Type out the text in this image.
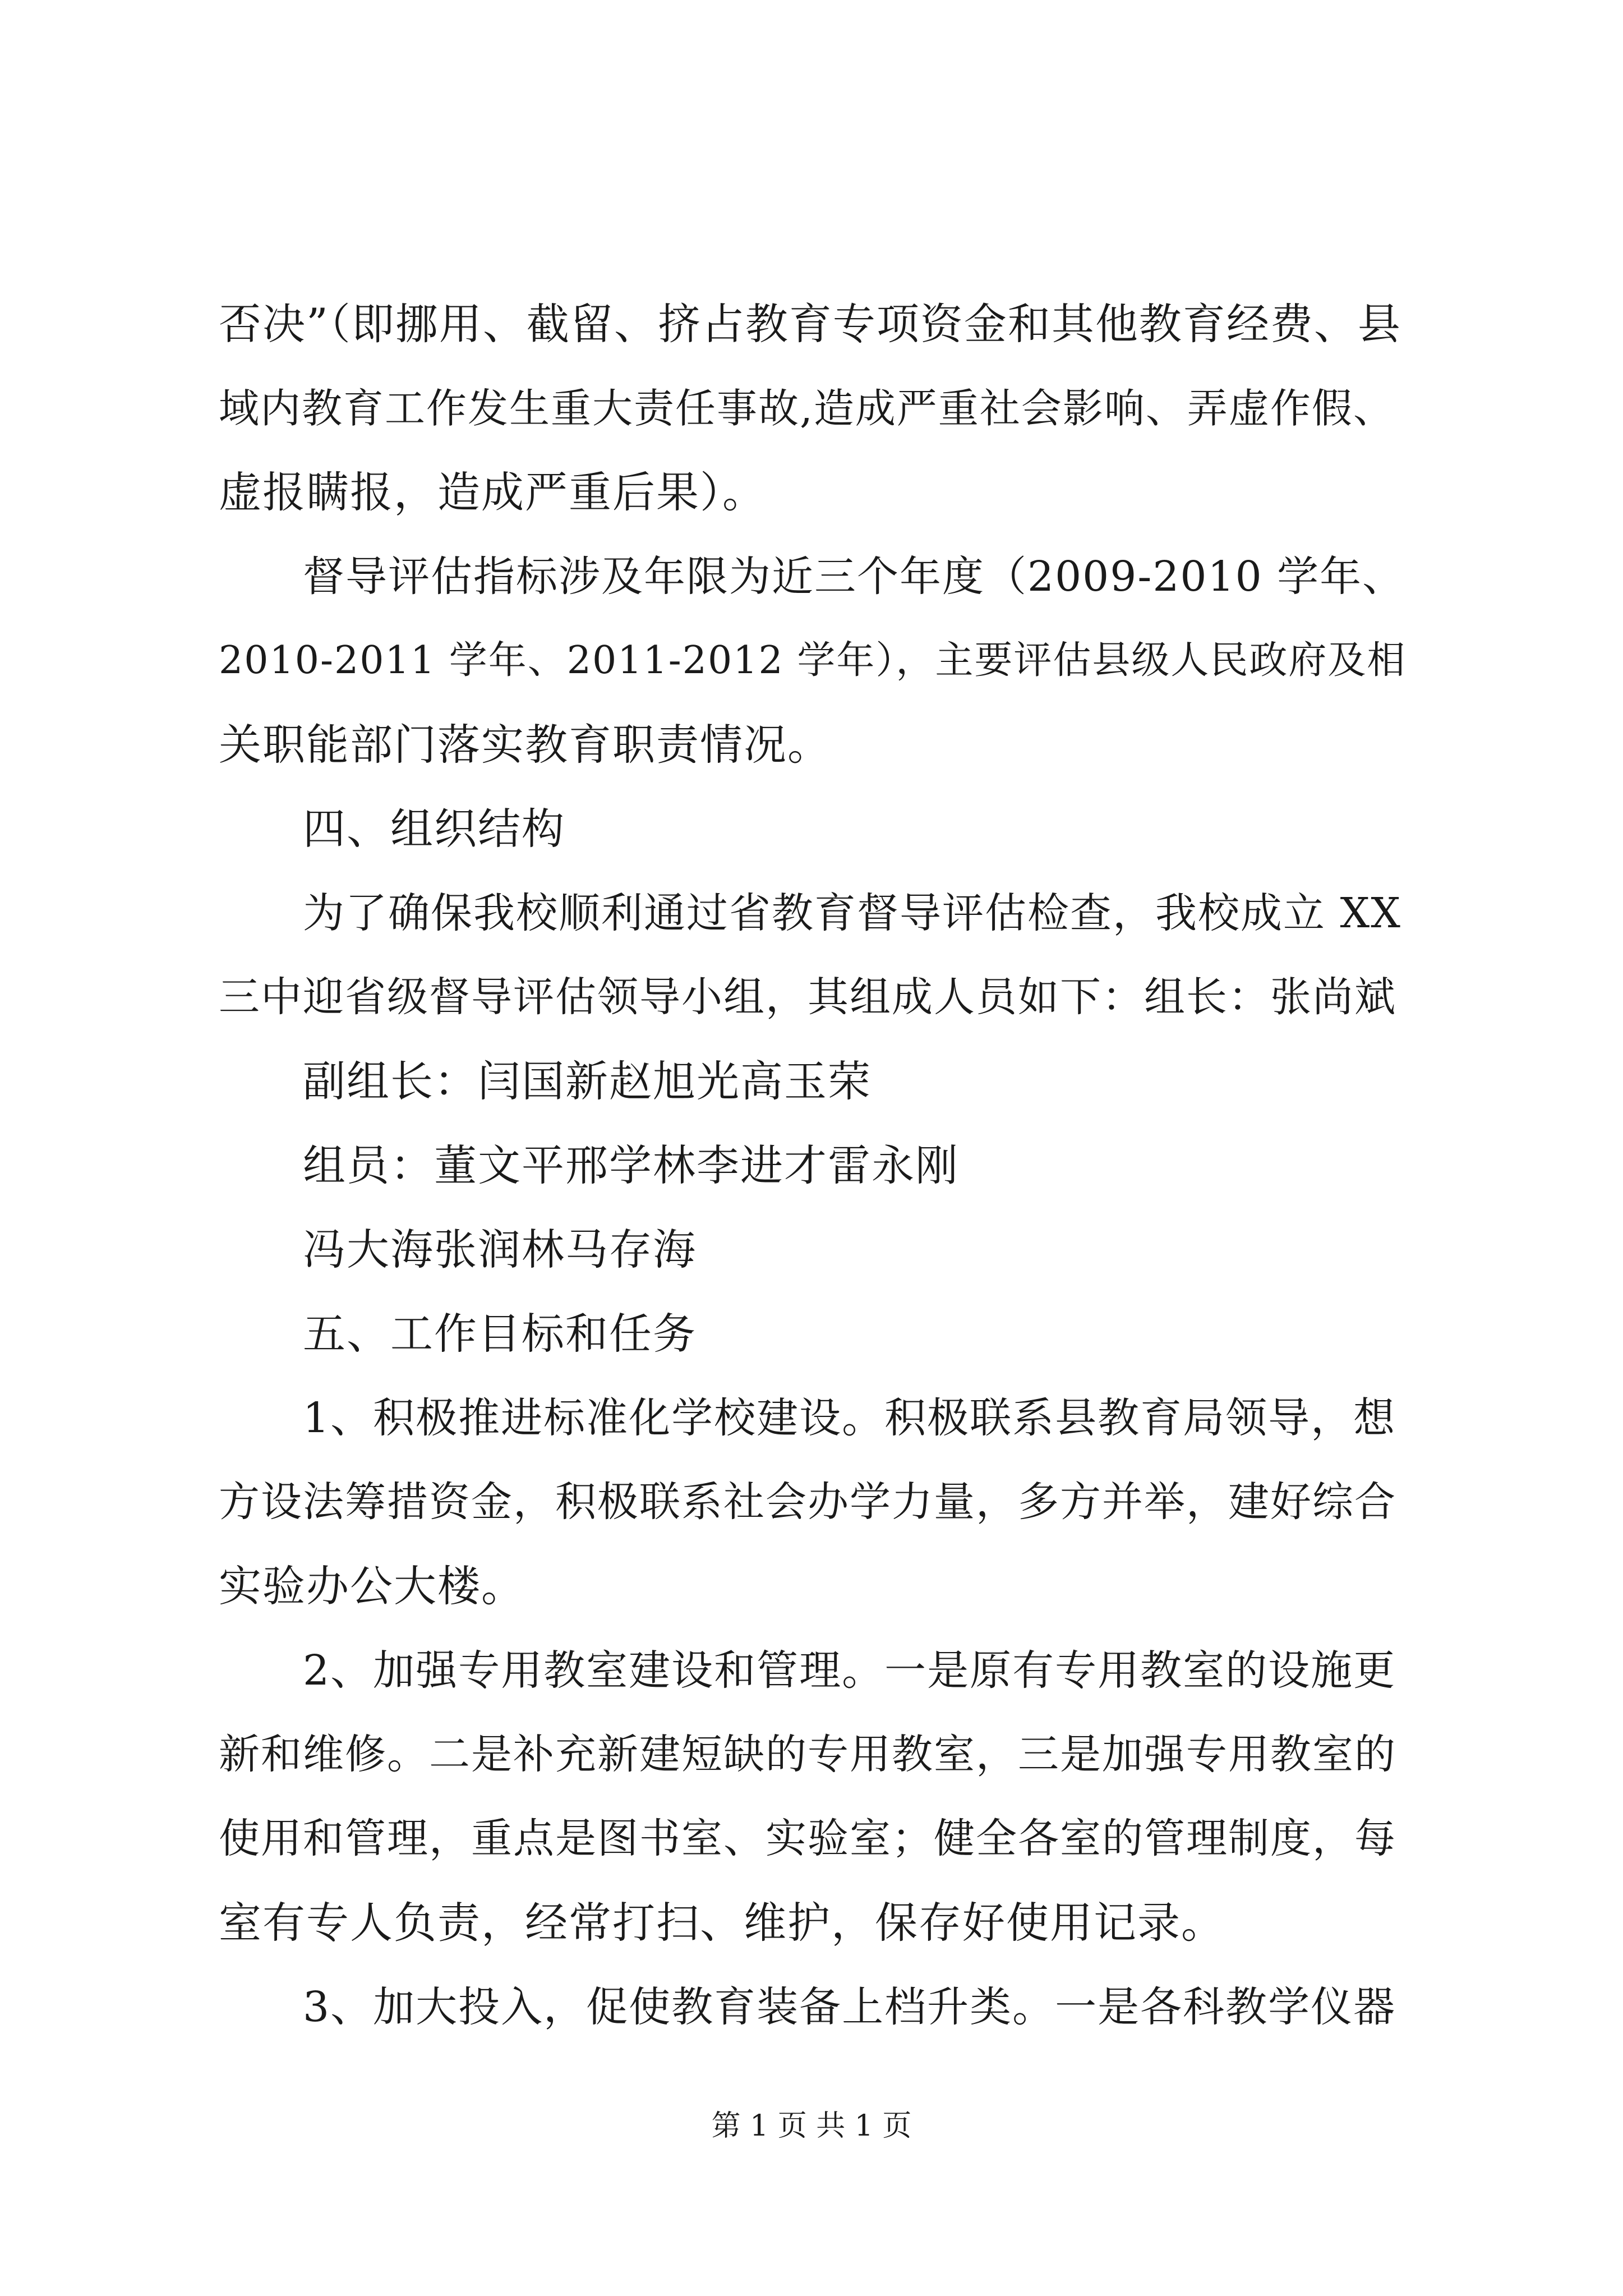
否决”（即挪用、截留、挤占教育专项资金和其他教育经费、县
域内教育工作发生重大责任事故,造成严重社会影响、弄虚作假、
虚报瞒报，造成严重后果）。
督导评估指标涉及年限为近三个年度（2009-2010 学年、
2010-2011 学年、2011-2012 学年），主要评估县级人民政府及相
关职能部门落实教育职责情况。
四、组织结构
为了确保我校顺利通过省教育督导评估检查，我校成立 XX
三中迎省级督导评估领导小组，其组成人员如下：组长：张尚斌
副组长：闫国新赵旭光高玉荣
组员：董文平邢学林李进才雷永刚
冯大海张润林马存海
五、工作目标和任务
1、积极推进标准化学校建设。积极联系县教育局领导，想
方设法筹措资金，积极联系社会办学力量，多方并举，建好综合
实验办公大楼。
2、加强专用教室建设和管理。一是原有专用教室的设施更
新和维修。二是补充新建短缺的专用教室，三是加强专用教室的
使用和管理，重点是图书室、实验室；健全各室的管理制度，每
室有专人负责，经常打扫、维护，保存好使用记录。
3、加大投入，促使教育装备上档升类。一是各科教学仪器
第 1 页 共 1 页
